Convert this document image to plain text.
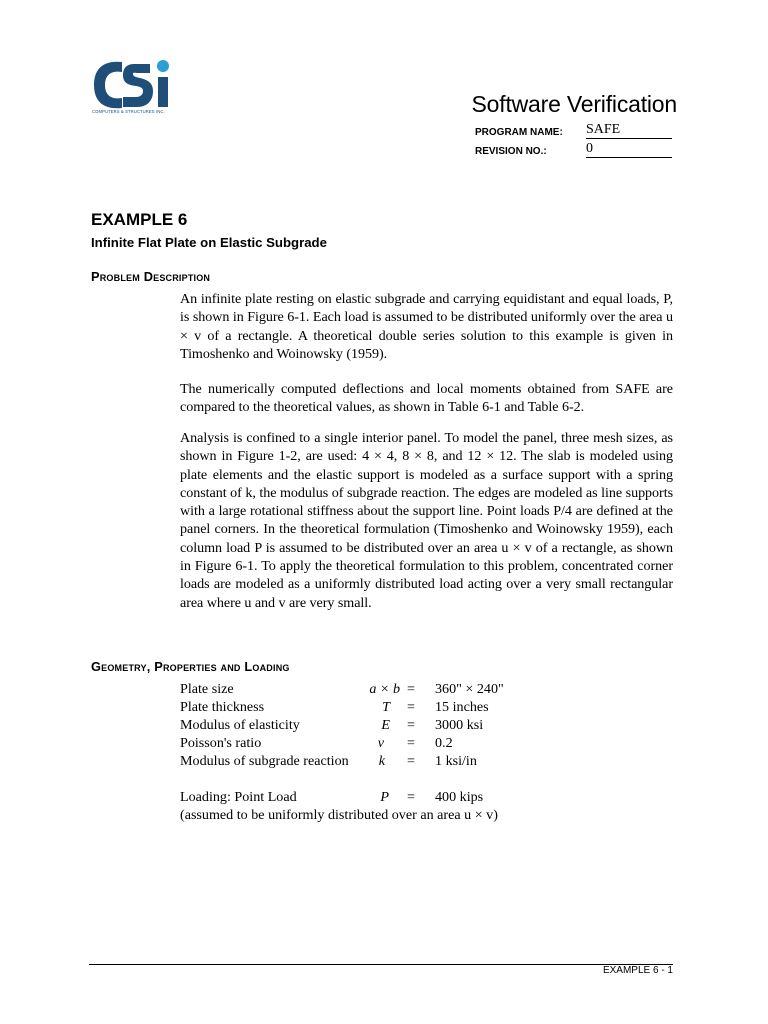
COMPUTERS & STRUCTURES INC.	Software Verification
PROGRAM NAME: SAFE
REVISION NO.:	0
EXAMPLE 6
Infinite Flat Plate on Elastic Subgrade
Problem Description

An infinite plate resting on elastic subgrade and carrying equidistant and equal loads, P, is shown in Figure 6-1. Each load is assumed to be distributed uniformly over the area u × v of a rectangle. A theoretical double series solution to this example is given in Timoshenko and Woinowsky (1959).

The numerically computed deflections and local moments obtained from SAFE are compared to the theoretical values, as shown in Table 6-1 and Table 6-2.

Analysis is confined to a single interior panel. To model the panel, three mesh sizes, as shown in Figure 1-2, are used: 4 × 4, 8 × 8, and 12 × 12. The slab is modeled using plate elements and the elastic support is modeled as a surface support with a spring constant of k, the modulus of subgrade reaction. The edges are modeled as line supports with a large rotational stiffness about the support line. Point loads P/4 are defined at the panel corners. In the theoretical formulation (Timoshenko and Woinowsky 1959), each column load P is assumed to be distributed over an area u × v of a rectangle, as shown in Figure 6-1. To apply the theoretical formulation to this problem, concentrated corner loads are modeled as a uniformly distributed load acting over a very small rectangular area where u and v are very small.

Geometry, Properties and Loading
Plate size	a × b = 360" × 240"
Plate thickness	T = 15 inches
Modulus of elasticity	E = 3000 ksi
Poisson's ratio	v = 0.2
Modulus of subgrade reaction	k = 1 ksi/in
Loading: Point Load	P = 400 kips
(assumed to be uniformly distributed over an area u × v)
EXAMPLE 6 - 1
